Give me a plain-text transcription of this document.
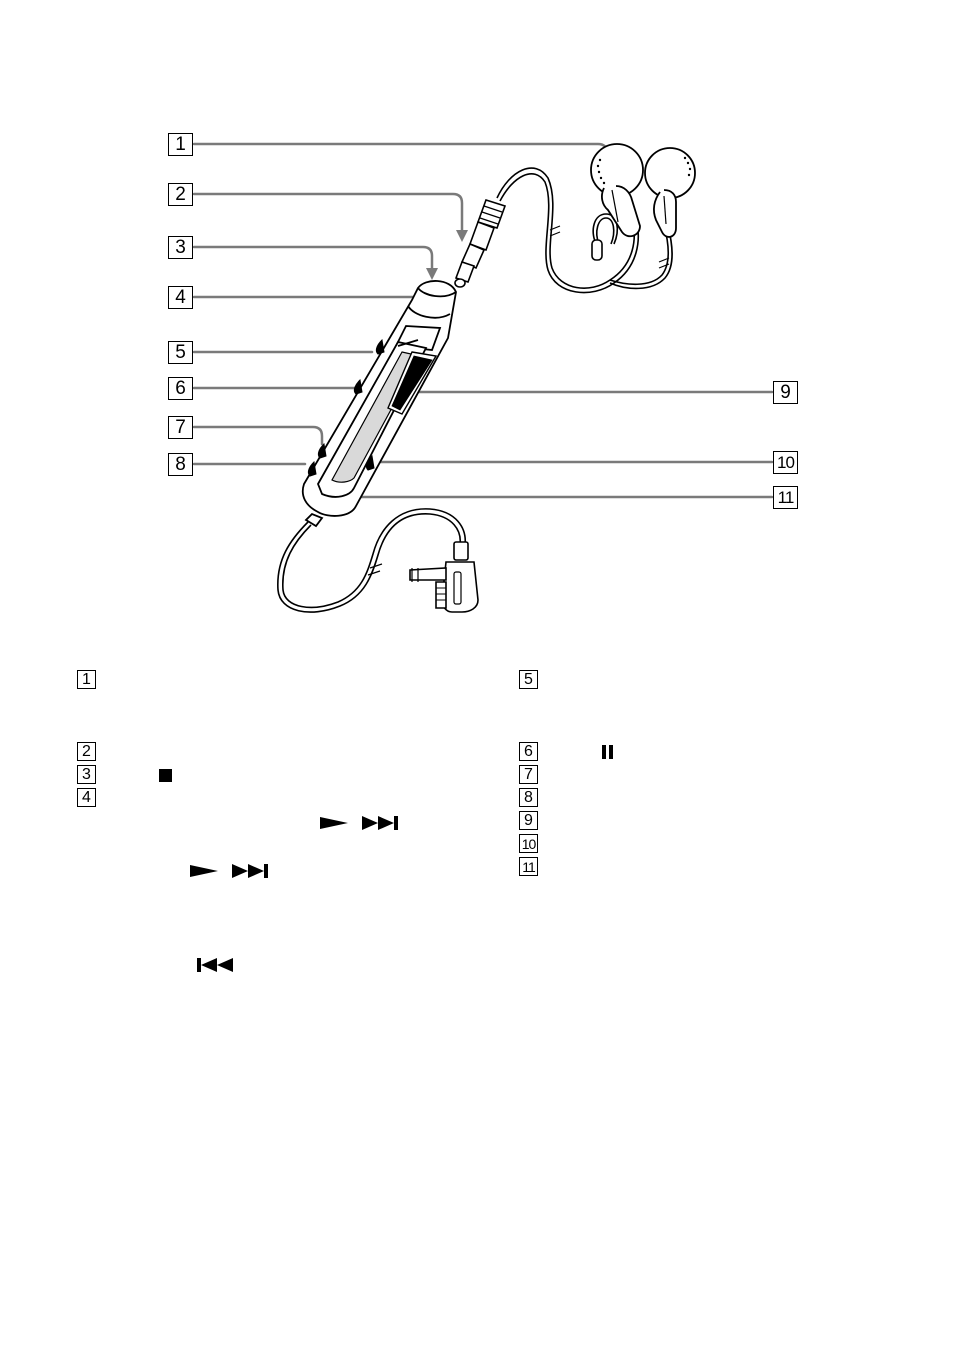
1
2
3
4
5
6
7
8
9
10
11
1
2
3
4
5
6
7
8
9
10
11
